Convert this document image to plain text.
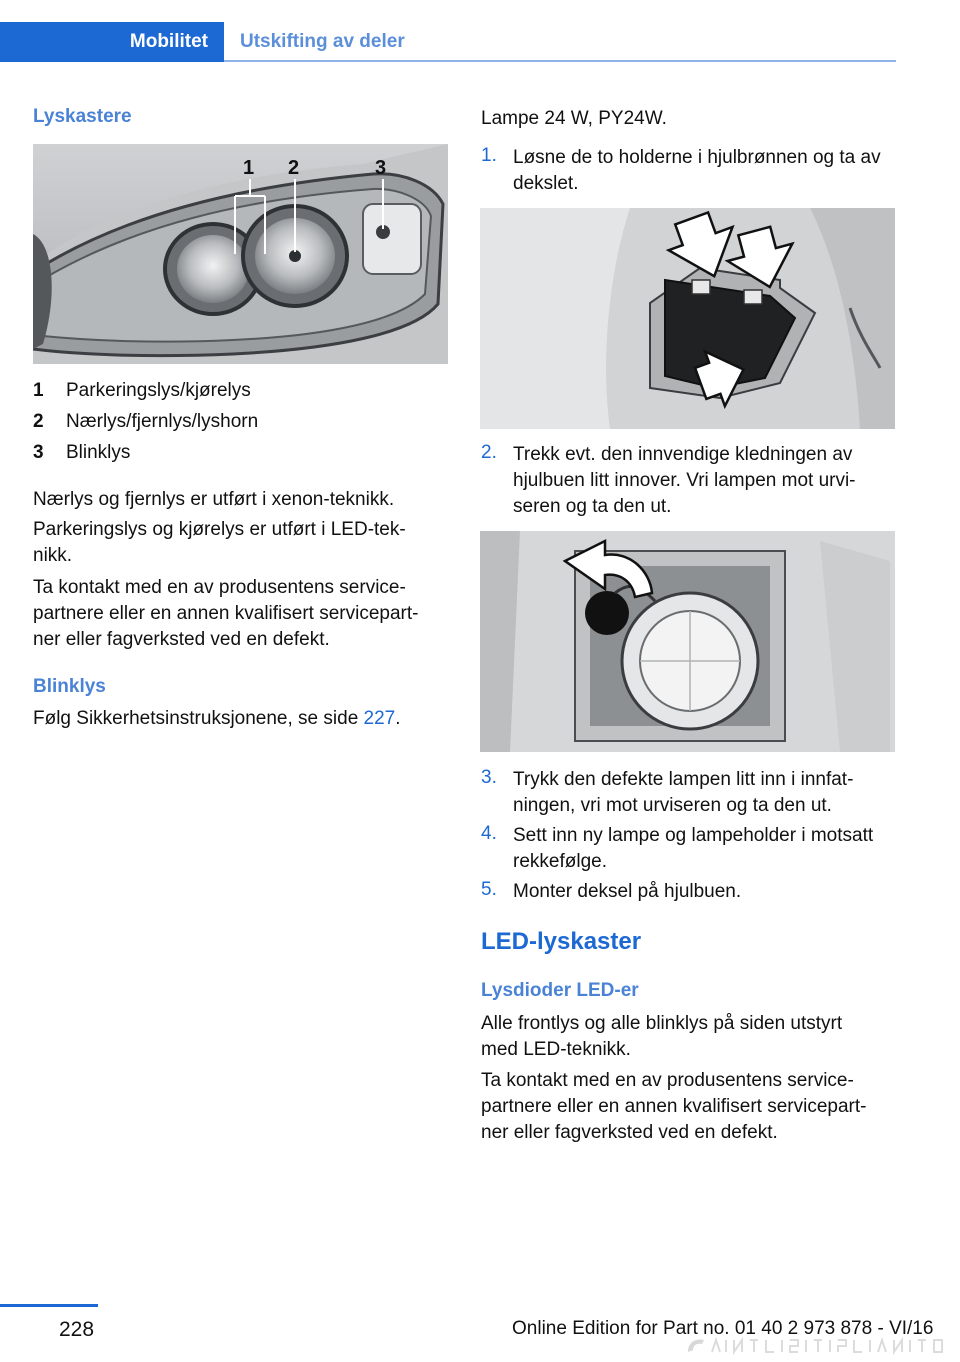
Mobilitet	Utskifting av deler
Lyskastere
1 2	3
1 Parkeringslys/kjørelys
2 Nærlys/fjernlys/lyshorn
3 Blinklys
Nærlys og fjernlys er utført i xenon-teknikk.
Parkeringslys og kjørelys er utført i LED-tek‐
nikk.
Ta kontakt med en av produsentens service‐
partnere eller en annen kvalifisert servicepart‐
ner eller fagverksted ved en defekt.
Blinklys
Følg Sikkerhetsinstruksjonene, se side 227.
Lampe 24 W, PY24W.
1. Løsne de to holderne i hjulbrønnen og ta av
dekslet.
2. Trekk evt. den innvendige kledningen av
hjulbuen litt innover. Vri lampen mot urvi‐
seren og ta den ut.
3. Trykk den defekte lampen litt inn i innfat‐
ningen, vri mot urviseren og ta den ut.
4. Sett inn ny lampe og lampeholder i motsatt
rekkefølge.
5. Monter deksel på hjulbuen.
LED-lyskaster
Lysdioder LED-er
Alle frontlys og alle blinklys på siden utstyrt
med LED-teknikk.
Ta kontakt med en av produsentens service‐
partnere eller en annen kvalifisert servicepart‐
ner eller fagverksted ved en defekt.
228	Online Edition for Part no. 01 40 2 973 878 - VI/16
